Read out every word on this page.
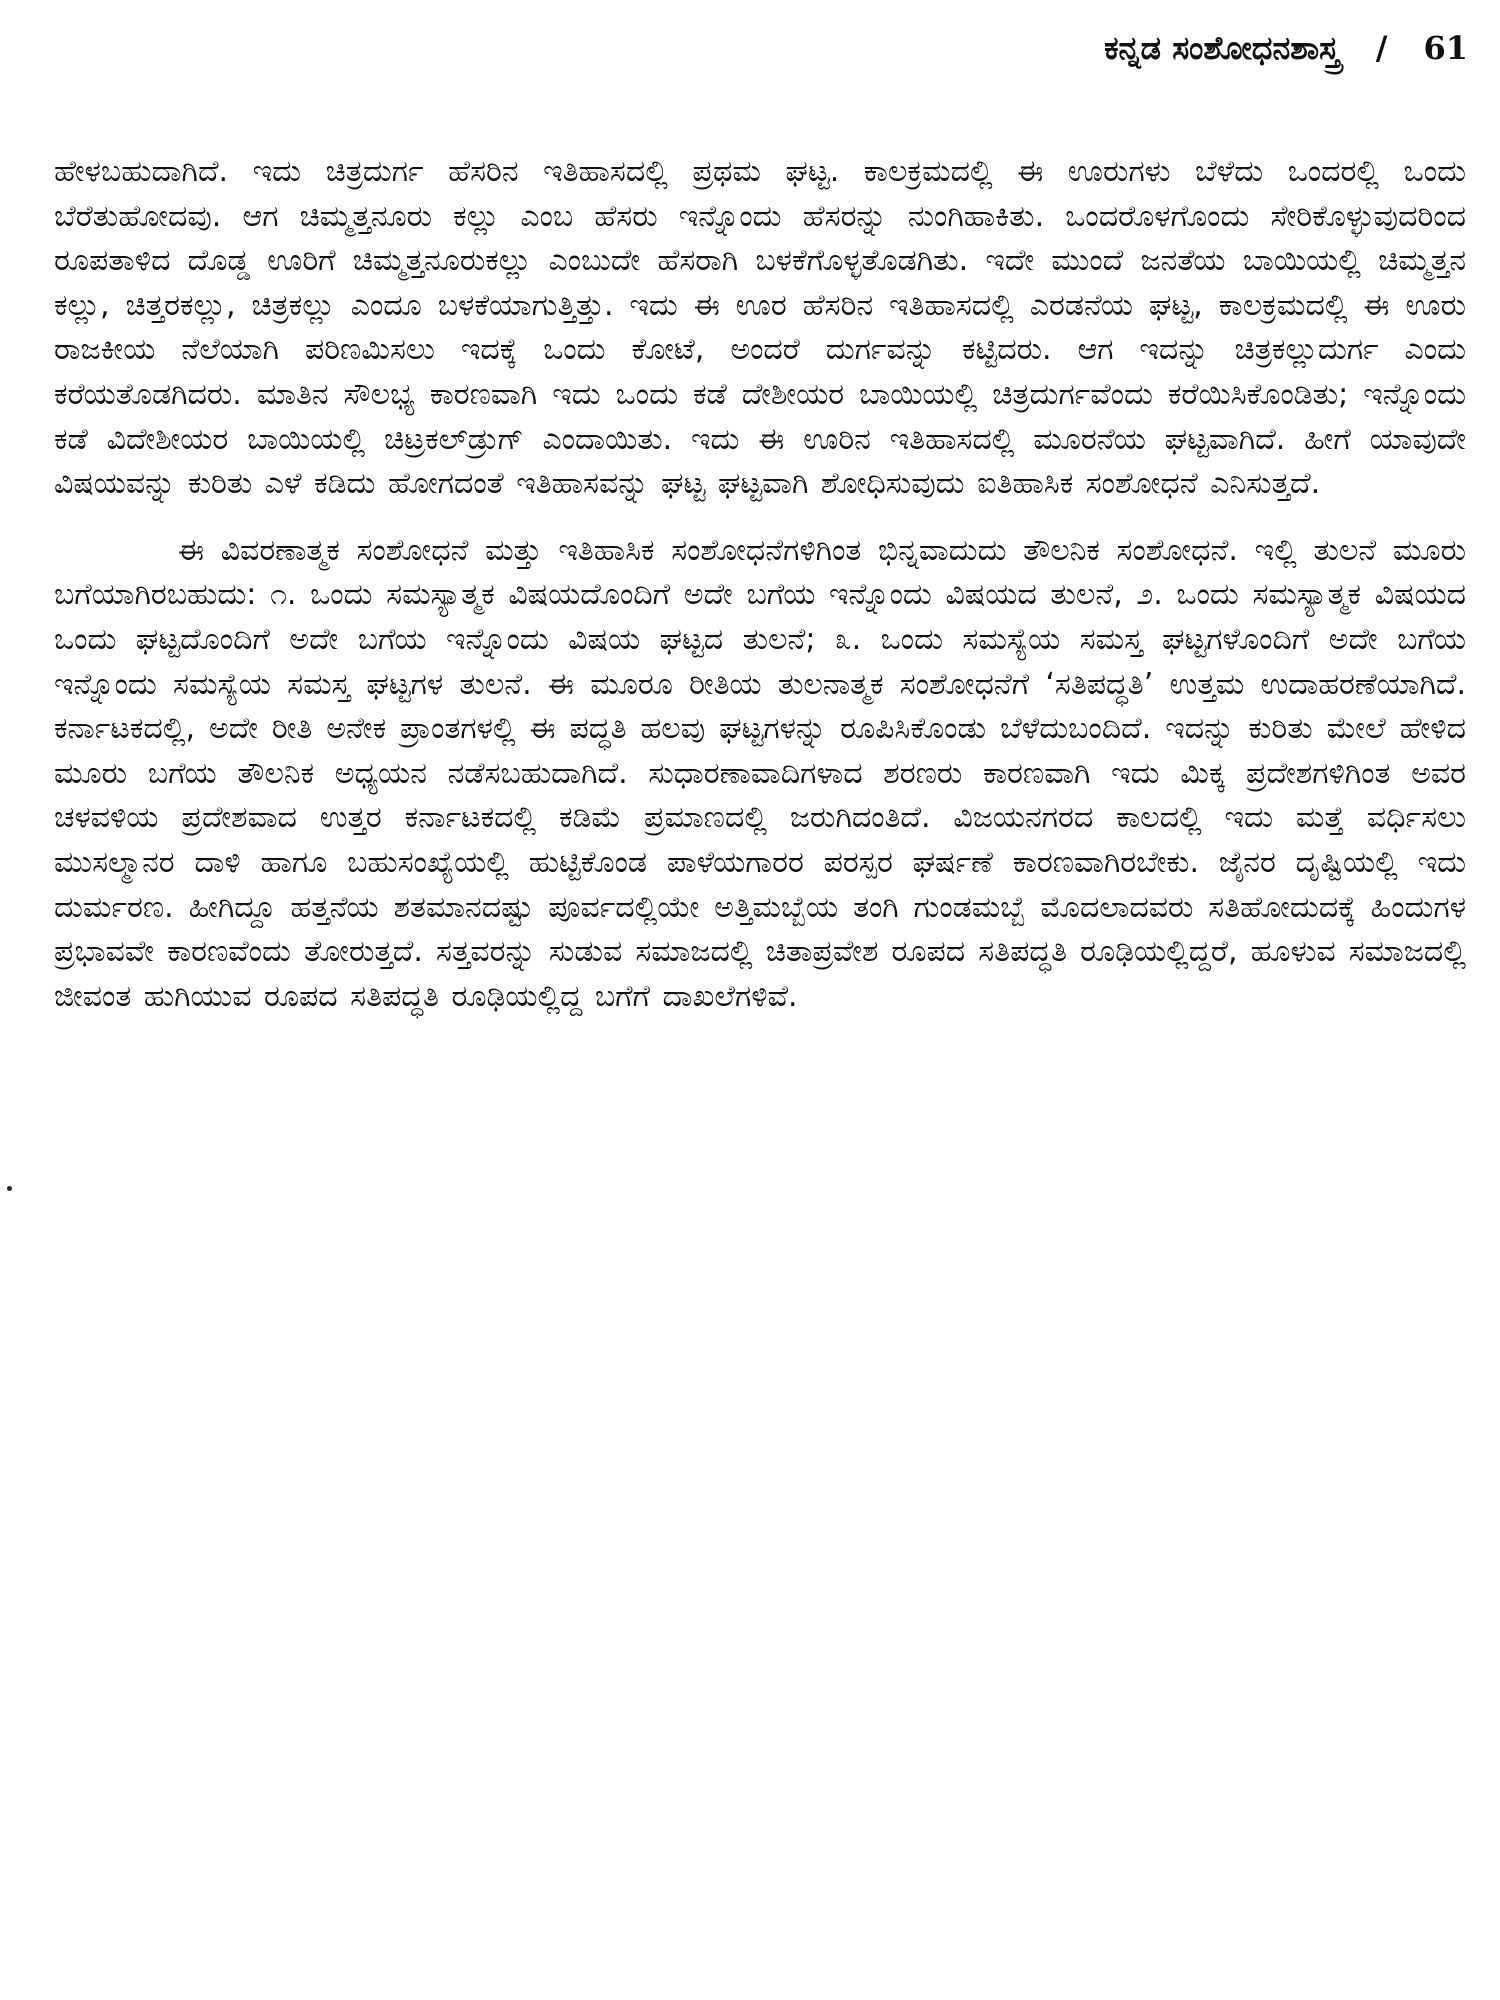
ಕನ್ನಡ ಸಂಶೋಧನಶಾಸ್ತ್ರ / 61

ಹೇಳಬಹುದಾಗಿದೆ. ಇದು ಚಿತ್ರದುರ್ಗ ಹೆಸರಿನ ಇತಿಹಾಸದಲ್ಲಿ ಪ್ರಥಮ ಘಟ್ಟ. ಕಾಲಕ್ರಮದಲ್ಲಿ ಈ ಊರುಗಳು ಬೆಳೆದು ಒಂದರಲ್ಲಿ ಒಂದು ಬೆರೆತುಹೋದವು. ಆಗ ಚಿಮ್ಮತ್ತನೂರು ಕಲ್ಲು ಎಂಬ ಹೆಸರು ಇನ್ನೊಂದು ಹೆಸರನ್ನು ನುಂಗಿಹಾಕಿತು. ಒಂದರೊಳಗೊಂದು ಸೇರಿಕೊಳ್ಳುವುದರಿಂದ ರೂಪತಾಳಿದ ದೊಡ್ಡ ಊರಿಗೆ ಚಿಮ್ಮತ್ತನೂರುಕಲ್ಲು ಎಂಬುದೇ ಹೆಸರಾಗಿ ಬಳಕೆಗೊಳ್ಳತೊಡಗಿತು. ಇದೇ ಮುಂದೆ ಜನತೆಯ ಬಾಯಿಯಲ್ಲಿ ಚಿಮ್ಮತ್ತನ ಕಲ್ಲು, ಚಿತ್ತರಕಲ್ಲು, ಚಿತ್ರಕಲ್ಲು ಎಂದೂ ಬಳಕೆಯಾಗುತ್ತಿತ್ತು. ಇದು ಈ ಊರ ಹೆಸರಿನ ಇತಿಹಾಸದಲ್ಲಿ ಎರಡನೆಯ ಘಟ್ಟ, ಕಾಲಕ್ರಮದಲ್ಲಿ ಈ ಊರು ರಾಜಕೀಯ ನೆಲೆಯಾಗಿ ಪರಿಣಮಿಸಲು ಇದಕ್ಕೆ ಒಂದು ಕೋಟೆ, ಅಂದರೆ ದುರ್ಗವನ್ನು ಕಟ್ಟಿದರು. ಆಗ ಇದನ್ನು ಚಿತ್ರಕಲ್ಲುದುರ್ಗ ಎಂದು ಕರೆಯತೊಡಗಿದರು. ಮಾತಿನ ಸೌಲಭ್ಯ ಕಾರಣವಾಗಿ ಇದು ಒಂದು ಕಡೆ ದೇಶೀಯರ ಬಾಯಿಯಲ್ಲಿ ಚಿತ್ರದುರ್ಗವೆಂದು ಕರೆಯಿಸಿಕೊಂಡಿತು; ಇನ್ನೊಂದು ಕಡೆ ವಿದೇಶೀಯರ ಬಾಯಿಯಲ್ಲಿ ಚಿಟ್ರಕಲ್‌ಡ್ರುಗ್ ಎಂದಾಯಿತು. ಇದು ಈ ಊರಿನ ಇತಿಹಾಸದಲ್ಲಿ ಮೂರನೆಯ ಘಟ್ಟವಾಗಿದೆ. ಹೀಗೆ ಯಾವುದೇ ವಿಷಯವನ್ನು ಕುರಿತು ಎಳೆ ಕಡಿದು ಹೋಗದಂತೆ ಇತಿಹಾಸವನ್ನು ಘಟ್ಟ ಘಟ್ಟವಾಗಿ ಶೋಧಿಸುವುದು ಐತಿಹಾಸಿಕ ಸಂಶೋಧನೆ ಎನಿಸುತ್ತದೆ.

ಈ ವಿವರಣಾತ್ಮಕ ಸಂಶೋಧನೆ ಮತ್ತು ಇತಿಹಾಸಿಕ ಸಂಶೋಧನೆಗಳಿಗಿಂತ ಭಿನ್ನವಾದುದು ತೌಲನಿಕ ಸಂಶೋಧನೆ. ಇಲ್ಲಿ ತುಲನೆ ಮೂರು ಬಗೆಯಾಗಿರಬಹುದು: ೧. ಒಂದು ಸಮಸ್ಯಾತ್ಮಕ ವಿಷಯದೊಂದಿಗೆ ಅದೇ ಬಗೆಯ ಇನ್ನೊಂದು ವಿಷಯದ ತುಲನೆ, ೨. ಒಂದು ಸಮಸ್ಯಾತ್ಮಕ ವಿಷಯದ ಒಂದು ಘಟ್ಟದೊಂದಿಗೆ ಅದೇ ಬಗೆಯ ಇನ್ನೊಂದು ವಿಷಯ ಘಟ್ಟದ ತುಲನೆ; ೩. ಒಂದು ಸಮಸ್ಯೆಯ ಸಮಸ್ತ ಘಟ್ಟಗಳೊಂದಿಗೆ ಅದೇ ಬಗೆಯ ಇನ್ನೊಂದು ಸಮಸ್ಯೆಯ ಸಮಸ್ತ ಘಟ್ಟಗಳ ತುಲನೆ. ಈ ಮೂರೂ ರೀತಿಯ ತುಲನಾತ್ಮಕ ಸಂಶೋಧನೆಗೆ ‘ಸತಿಪದ್ಧತಿ’ ಉತ್ತಮ ಉದಾಹರಣೆಯಾಗಿದೆ. ಕರ್ನಾಟಕದಲ್ಲಿ, ಅದೇ ರೀತಿ ಅನೇಕ ಪ್ರಾಂತಗಳಲ್ಲಿ ಈ ಪದ್ಧತಿ ಹಲವು ಘಟ್ಟಗಳನ್ನು ರೂಪಿಸಿಕೊಂಡು ಬೆಳೆದುಬಂದಿದೆ. ಇದನ್ನು ಕುರಿತು ಮೇಲೆ ಹೇಳಿದ ಮೂರು ಬಗೆಯ ತೌಲನಿಕ ಅಧ್ಯಯನ ನಡೆಸಬಹುದಾಗಿದೆ. ಸುಧಾರಣಾವಾದಿಗಳಾದ ಶರಣರು ಕಾರಣವಾಗಿ ಇದು ಮಿಕ್ಕ ಪ್ರದೇಶಗಳಿಗಿಂತ ಅವರ ಚಳವಳಿಯ ಪ್ರದೇಶವಾದ ಉತ್ತರ ಕರ್ನಾಟಕದಲ್ಲಿ ಕಡಿಮೆ ಪ್ರಮಾಣದಲ್ಲಿ ಜರುಗಿದಂತಿದೆ. ವಿಜಯನಗರದ ಕಾಲದಲ್ಲಿ ಇದು ಮತ್ತೆ ವರ್ಧಿಸಲು ಮುಸಲ್ಮಾನರ ದಾಳಿ ಹಾಗೂ ಬಹುಸಂಖ್ಯೆಯಲ್ಲಿ ಹುಟ್ಟಿಕೊಂಡ ಪಾಳೆಯಗಾರರ ಪರಸ್ಪರ ಘರ್ಷಣೆ ಕಾರಣವಾಗಿರಬೇಕು. ಜೈನರ ದೃಷ್ಟಿಯಲ್ಲಿ ಇದು ದುರ್ಮರಣ. ಹೀಗಿದ್ದೂ ಹತ್ತನೆಯ ಶತಮಾನದಷ್ಟು ಪೂರ್ವದಲ್ಲಿಯೇ ಅತ್ತಿಮಬ್ಬೆಯ ತಂಗಿ ಗುಂಡಮಬ್ಬೆ ಮೊದಲಾದವರು ಸತಿಹೋದುದಕ್ಕೆ ಹಿಂದುಗಳ ಪ್ರಭಾವವೇ ಕಾರಣವೆಂದು ತೋರುತ್ತದೆ. ಸತ್ತವರನ್ನು ಸುಡುವ ಸಮಾಜದಲ್ಲಿ ಚಿತಾಪ್ರವೇಶ ರೂಪದ ಸತಿಪದ್ಧತಿ ರೂಢಿಯಲ್ಲಿದ್ದರೆ, ಹೂಳುವ ಸಮಾಜದಲ್ಲಿ ಜೀವಂತ ಹುಗಿಯುವ ರೂಪದ ಸತಿಪದ್ಧತಿ ರೂಢಿಯಲ್ಲಿದ್ದ ಬಗೆಗೆ ದಾಖಲೆಗಳಿವೆ.
